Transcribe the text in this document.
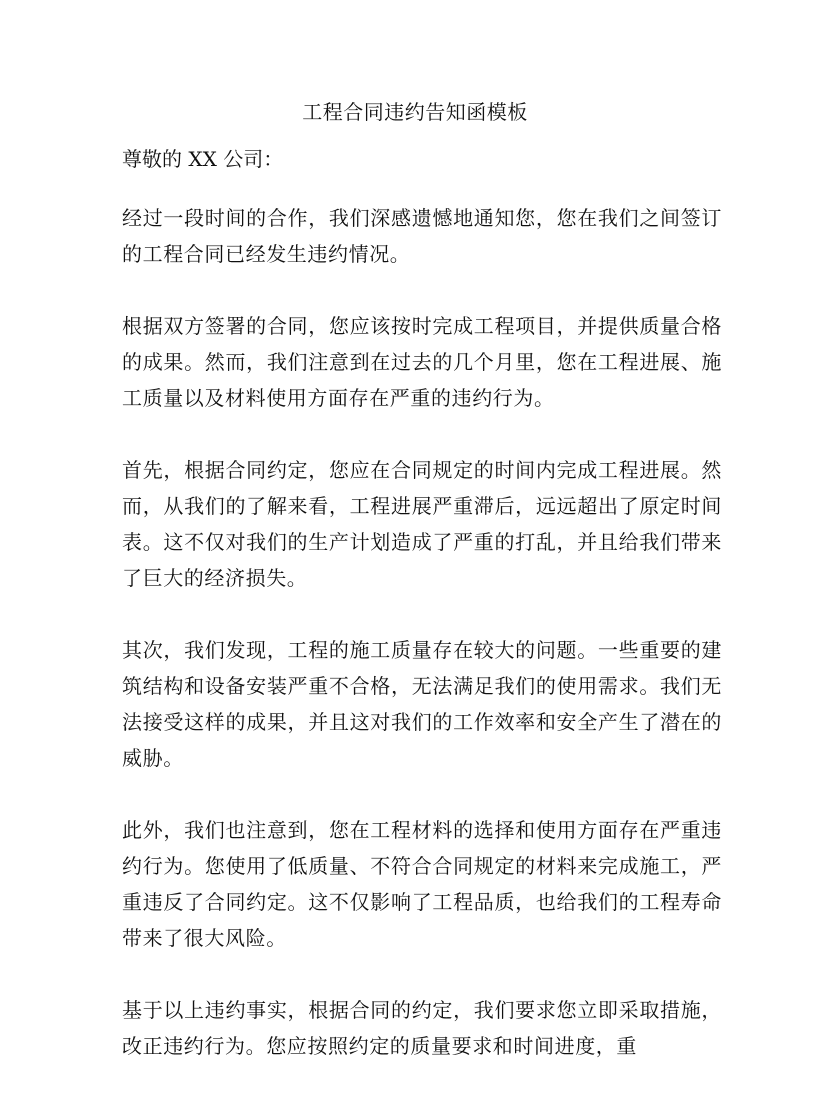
工程合同违约告知函模板
尊敬的 XX 公司：

经过一段时间的合作，我们深感遗憾地通知您，您在我们之间签订的工程合同已经发生违约情况。

根据双方签署的合同，您应该按时完成工程项目，并提供质量合格的成果。然而，我们注意到在过去的几个月里，您在工程进展、施工质量以及材料使用方面存在严重的违约行为。

首先，根据合同约定，您应在合同规定的时间内完成工程进展。然而，从我们的了解来看，工程进展严重滞后，远远超出了原定时间表。这不仅对我们的生产计划造成了严重的打乱，并且给我们带来了巨大的经济损失。

其次，我们发现，工程的施工质量存在较大的问题。一些重要的建筑结构和设备安装严重不合格，无法满足我们的使用需求。我们无法接受这样的成果，并且这对我们的工作效率和安全产生了潜在的威胁。

此外，我们也注意到，您在工程材料的选择和使用方面存在严重违约行为。您使用了低质量、不符合合同规定的材料来完成施工，严重违反了合同约定。这不仅影响了工程品质，也给我们的工程寿命带来了很大风险。

基于以上违约事实，根据合同的约定，我们要求您立即采取措施，改正违约行为。您应按照约定的质量要求和时间进度，重
